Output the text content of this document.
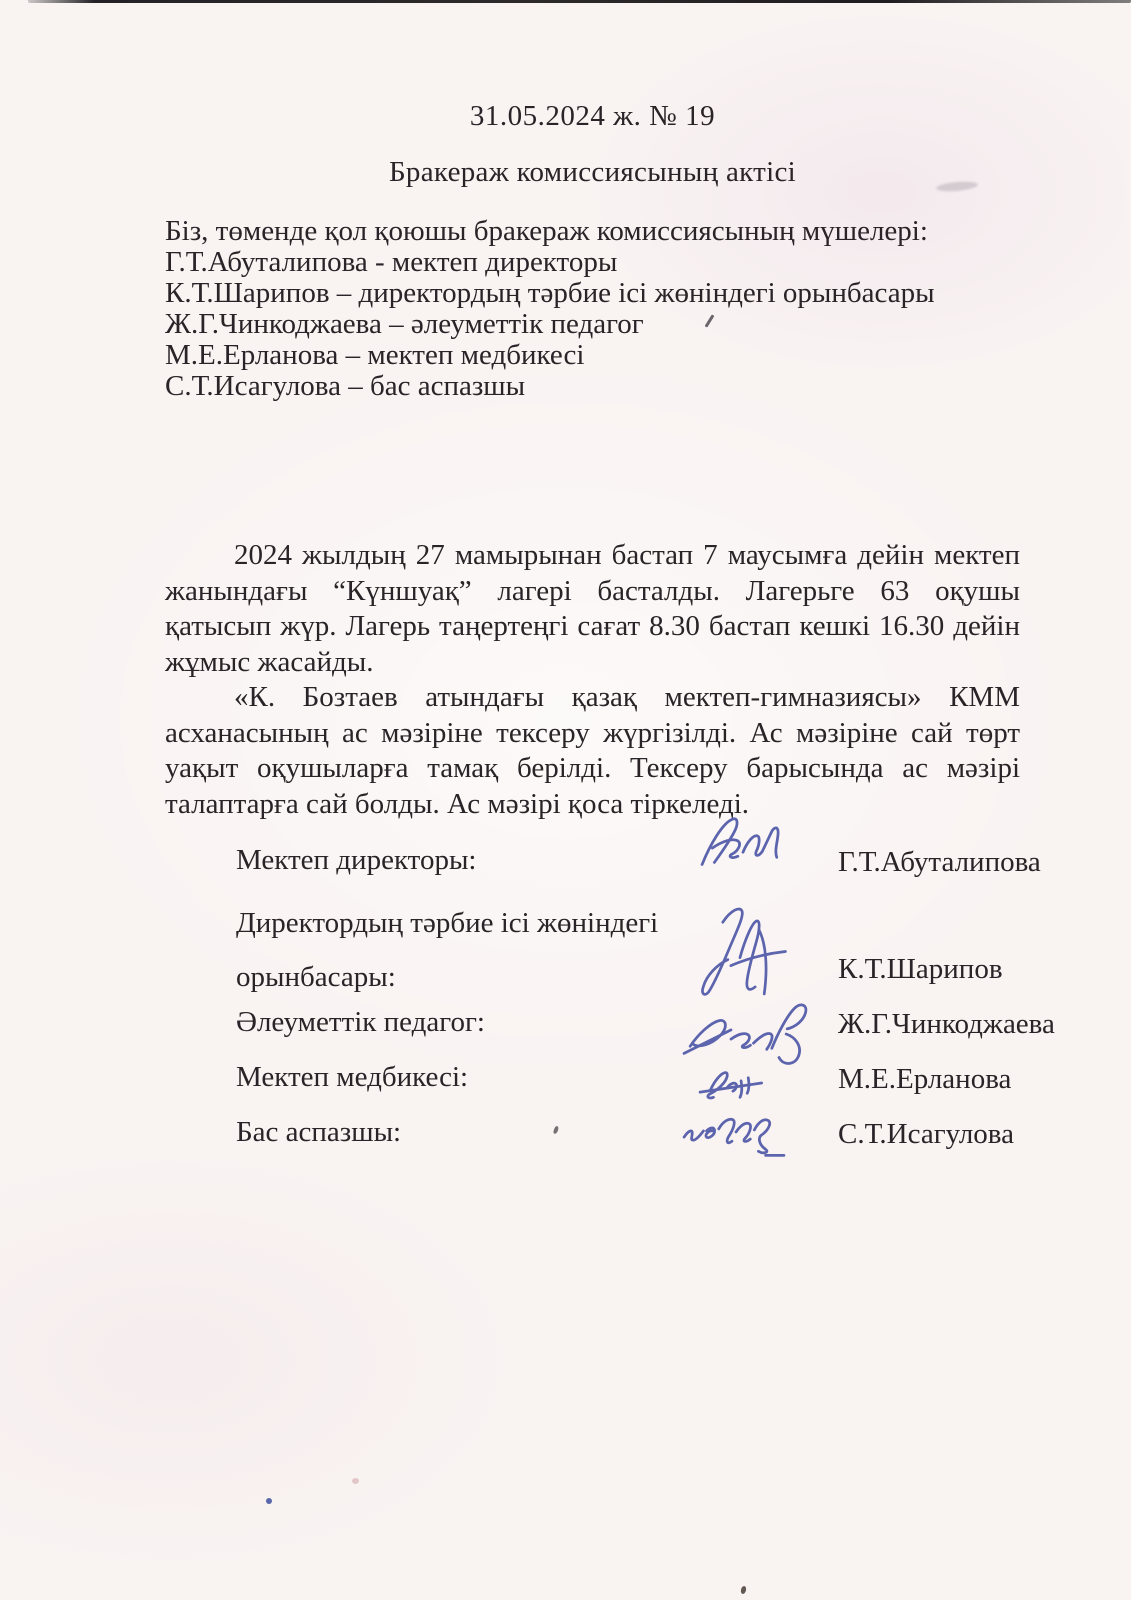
31.05.2024 ж. № 19
Бракераж комиссиясының актісі
Біз, төменде қол қоюшы бракераж комиссиясының мүшелері:
Г.Т.Абуталипова - мектеп директоры
К.Т.Шарипов – директордың тәрбие ісі жөніндегі орынбасары
Ж.Г.Чинкоджаева – әлеуметтік педагог
М.Е.Ерланова – мектеп медбикесі
С.Т.Исагулова – бас аспазшы

2024 жылдың 27 мамырынан бастап 7 маусымға дейін мектеп жанындағы “Күншуақ” лагері басталды. Лагерьге 63 оқушы қатысып жүр. Лагерь таңертеңгі сағат 8.30 бастап кешкі 16.30 дейін жұмыс жасайды.

«К. Бозтаев атындағы қазақ мектеп-гимназиясы» КММ асханасының ас мәзіріне тексеру жүргізілді. Ас мәзіріне сай төрт уақыт оқушыларға тамақ берілді. Тексеру барысында ас мәзірі талаптарға сай болды. Ас мәзірі қоса тіркеледі.

Мектеп директоры:	Г.Т.Абуталипова
Директордың тәрбие ісі жөніндегі орынбасары:	К.Т.Шарипов
Әлеуметтік педагог:	Ж.Г.Чинкоджаева
Мектеп медбикесі:	М.Е.Ерланова
Бас аспазшы:	С.Т.Исагулова
